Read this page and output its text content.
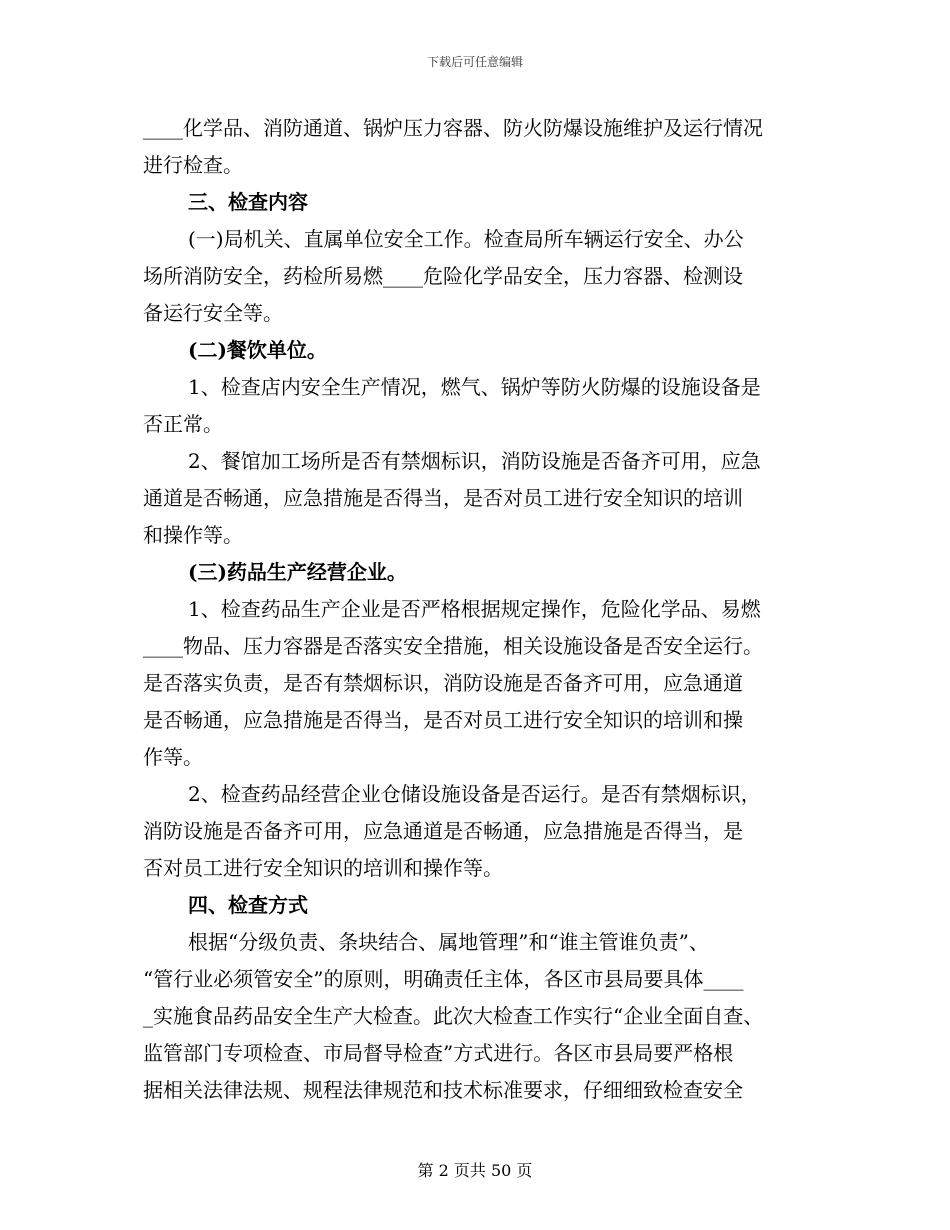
下载后可任意编辑
____化学品、消防通道、锅炉压力容器、防火防爆设施维护及运行情况
进行检查。
三、检查内容
(一)局机关、直属单位安全工作。检查局所车辆运行安全、办公
场所消防安全，药检所易燃____危险化学品安全，压力容器、检测设
备运行安全等。
(二)餐饮单位。
1、检查店内安全生产情况，燃气、锅炉等防火防爆的设施设备是
否正常。
2、餐馆加工场所是否有禁烟标识，消防设施是否备齐可用，应急
通道是否畅通，应急措施是否得当，是否对员工进行安全知识的培训
和操作等。
(三)药品生产经营企业。
1、检查药品生产企业是否严格根据规定操作，危险化学品、易燃
____物品、压力容器是否落实安全措施，相关设施设备是否安全运行。
是否落实负责，是否有禁烟标识，消防设施是否备齐可用，应急通道
是否畅通，应急措施是否得当，是否对员工进行安全知识的培训和操
作等。
2、检查药品经营企业仓储设施设备是否运行。是否有禁烟标识，
消防设施是否备齐可用，应急通道是否畅通，应急措施是否得当，是
否对员工进行安全知识的培训和操作等。
四、检查方式
根据“分级负责、条块结合、属地管理”和“谁主管谁负责”、
“管行业必须管安全”的原则，明确责任主体，各区市县局要具体____
_实施食品药品安全生产大检查。此次大检查工作实行“企业全面自查、
监管部门专项检查、市局督导检查”方式进行。各区市县局要严格根
据相关法律法规、规程法律规范和技术标准要求，仔细细致检查安全
第 2 页共 50 页
